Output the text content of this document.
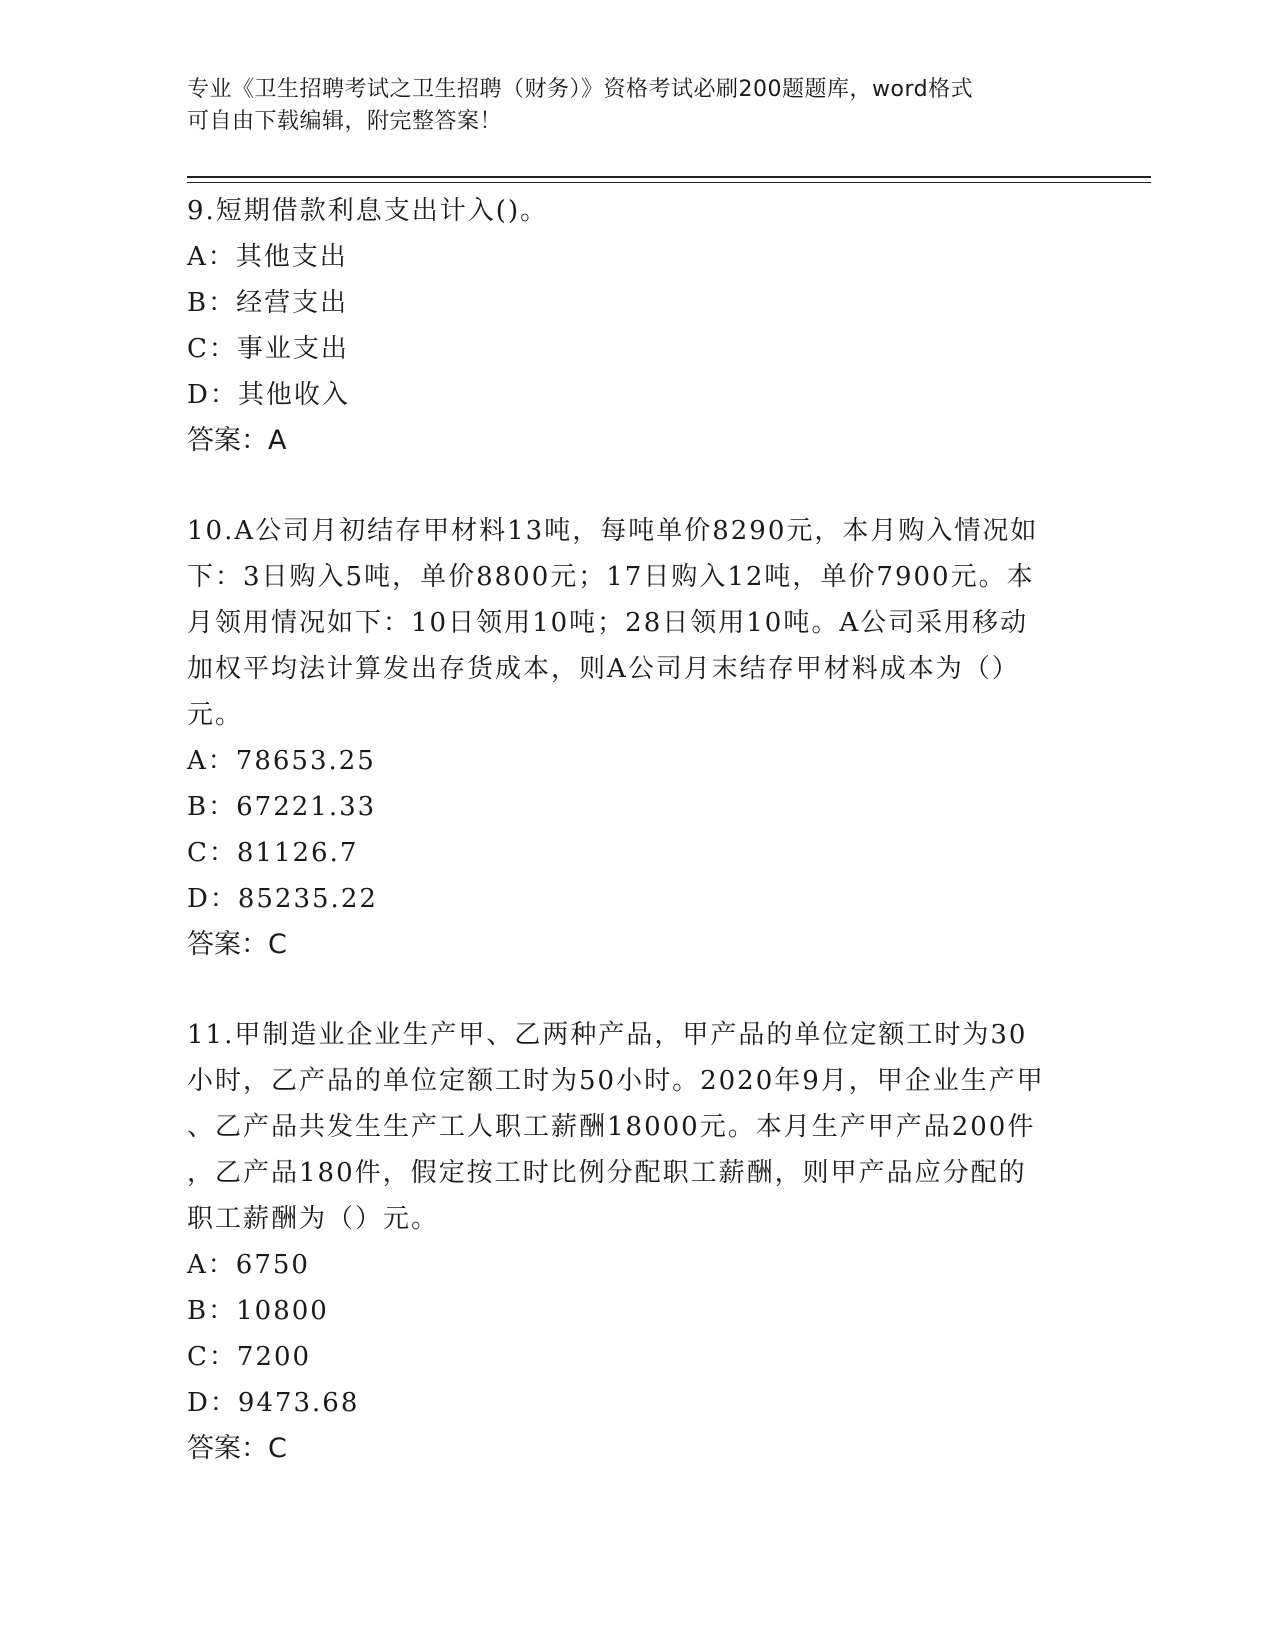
专业《卫生招聘考试之卫生招聘（财务）》资格考试必刷200题题库，word格式
可自由下载编辑，附完整答案！
9.短期借款利息支出计入()。
A：其他支出
B：经营支出
C：事业支出
D：其他收入
答案：A
10.A公司月初结存甲材料13吨，每吨单价8290元，本月购入情况如
下：3日购入5吨，单价8800元；17日购入12吨，单价7900元。本
月领用情况如下：10日领用10吨；28日领用10吨。A公司采用移动
加权平均法计算发出存货成本，则A公司月末结存甲材料成本为（）
元。
A：78653.25
B：67221.33
C：81126.7
D：85235.22
答案：C
11.甲制造业企业生产甲、乙两种产品，甲产品的单位定额工时为30
小时，乙产品的单位定额工时为50小时。2020年9月，甲企业生产甲
、乙产品共发生生产工人职工薪酬18000元。本月生产甲产品200件
，乙产品180件，假定按工时比例分配职工薪酬，则甲产品应分配的
职工薪酬为（）元。
A：6750
B：10800
C：7200
D：9473.68
答案：C
